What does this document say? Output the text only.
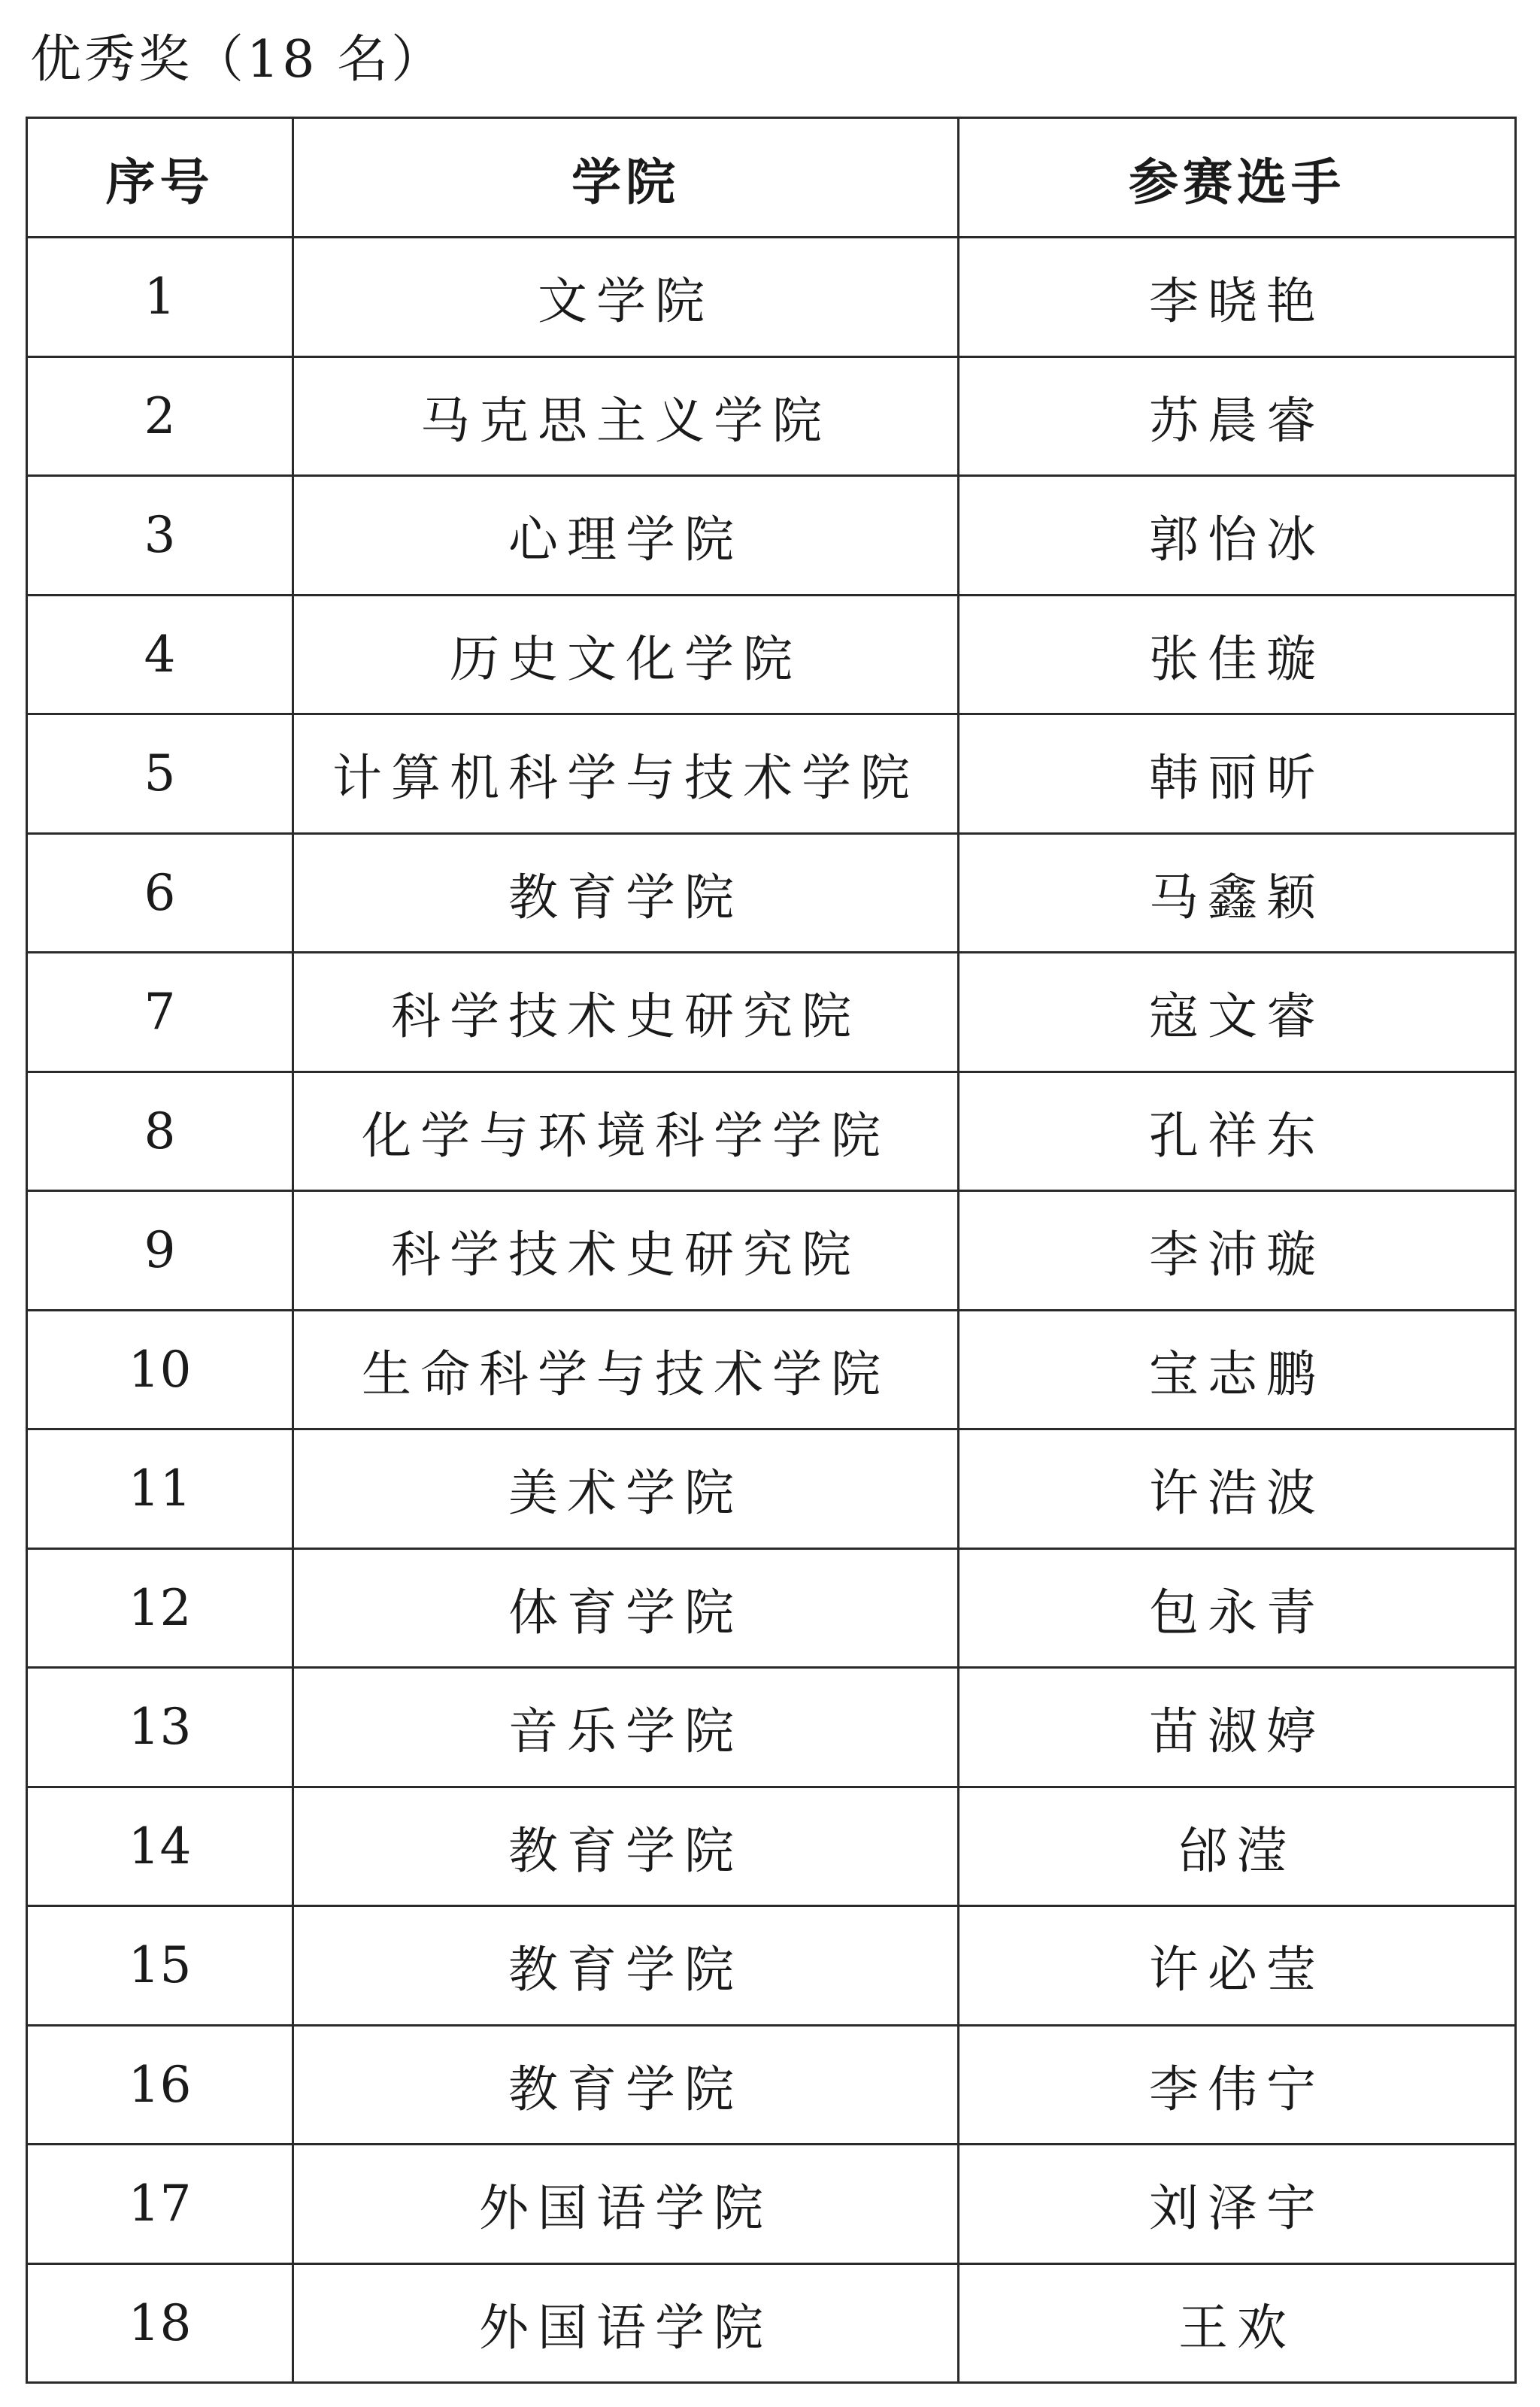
优秀奖（18 名）
序号	学院	参赛选手
1	文学院	李晓艳
2	马克思主义学院	苏晨睿
3	心理学院	郭怡冰
4	历史文化学院	张佳璇
5	计算机科学与技术学院	韩丽昕
6	教育学院	马鑫颖
7	科学技术史研究院	寇文睿
8	化学与环境科学学院	孔祥东
9	科学技术史研究院	李沛璇
10	生命科学与技术学院	宝志鹏
11	美术学院	许浩波
12	体育学院	包永青
13	音乐学院	苗淑婷
14	教育学院	邰滢
15	教育学院	许必莹
16	教育学院	李伟宁
17	外国语学院	刘泽宇
18	外国语学院	王欢
